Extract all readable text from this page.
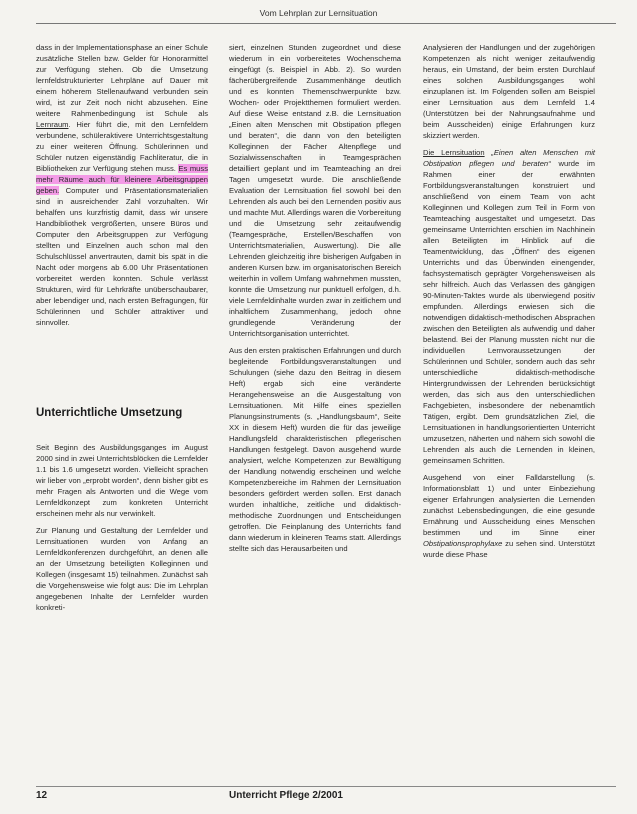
Vom Lehrplan zur Lernsituation

dass in der Implementationsphase an einer Schule zusätzliche Stellen bzw. Gelder für Honorarmittel zur Verfügung stehen. Ob die Umsetzung lernfeldstrukturierter Lehrpläne auf Dauer mit einem höherem Stellenaufwand verbunden sein wird, ist zur Zeit noch nicht abzusehen. Eine weitere Rahmenbedingung ist Schule als Lernraum. Hier führt die, mit den Lernfeldern verbundene, schüleraktivere Unterrichtsgestaltung zu einer weiteren Öffnung. Schülerinnen und Schüler nutzen eigenständig Fachliteratur, die in Bibliotheken zur Verfügung stehen muss. Es muss mehr Räume auch für kleinere Arbeitsgruppen geben. Computer und Präsentationsmaterialien sind in ausreichender Zahl vorzuhalten. Wir behalfen uns kurzfristig damit, dass wir unsere Handbibliothek vergrößerten, unsere Büros und Computer den Arbeitsgruppen zur Verfügung stellten und Einzelnen auch schon mal den Schulschlüssel anvertrauten, damit bis spät in die Nacht oder morgens ab 6.00 Uhr Präsentationen vorbereitet werden konnten. Schule verlässt Strukturen, wird für Lehrkräfte unüberschaubarer, aber lebendiger und, nach ersten Befragungen, für Schülerinnen und Schüler attraktiver und sinnvoller.

Unterrichtliche Umsetzung

Seit Beginn des Ausbildungsganges im August 2000 sind in zwei Unterrichtsblöcken die Lernfelder 1.1 bis 1.6 umgesetzt worden. Vielleicht sprachen wir lieber von „erprobt worden“, denn bisher gibt es mehr Fragen als Antworten und die Wege vom Lernfeldkonzept zum konkreten Unterricht erscheinen mehr als nur verwinkelt.

Zur Planung und Gestaltung der Lernfelder und Lernsituationen wurden von Anfang an Lernfeldkonferenzen durchgeführt, an denen alle an der Umsetzung beteiligten Kolleginnen und Kollegen (insgesamt 15) teilnahmen. Zunächst sah die Vorgehensweise wie folgt aus: Die im Lehrplan angegebenen Inhalte der Lernfelder wurden konkreti-

siert, einzelnen Stunden zugeordnet und diese wiederum in ein vorbereitetes Wochenschema eingefügt (s. Beispiel in Abb. 2). So wurden fächerübergreifende Zusammenhänge deutlich und es konnten Themenschwerpunkte bzw. Wochen- oder Projektthemen formuliert werden. Auf diese Weise entstand z.B. die Lernsituation „Einen alten Menschen mit Obstipation pflegen und beraten“, die dann von den beteiligten Kolleginnen der Fächer Altenpflege und Sozialwissenschaften in Teamgesprächen detailliert geplant und im Teamteaching an drei Tagen umgesetzt wurde. Die anschließende Evaluation der Lernsituation fiel sowohl bei den Lehrenden als auch bei den Lernenden positiv aus und machte Mut. Allerdings waren die Vorbereitung und die Umsetzung sehr zeitaufwendig (Teamgespräche, Erstellen/Beschaffen von Unterrichtsmaterialien, Auswertung). Die alle Lehrenden gleichzeitig ihre bisherigen Aufgaben in anderen Kursen bzw. im organisatorischen Bereich weiterhin in vollem Umfang wahrnehmen mussten, konnte die Umsetzung nur punktuell erfolgen, d.h. viele Lernfeldinhalte wurden zwar in zeitlichem und inhaltlichem Zusammenhang, jedoch ohne grundlegende Veränderung der Unterrichtsorganisation unterrichtet.

Aus den ersten praktischen Erfahrungen und durch begleitende Fortbildungsveranstaltungen und Schulungen (siehe dazu den Beitrag in diesem Heft) ergab sich eine veränderte Herangehensweise an die Ausgestaltung von Lernsituationen. Mit Hilfe eines speziellen Planungsinstruments (s. „Handlungsbaum“, Seite XX in diesem Heft) wurden die für das jeweilige Handlungsfeld charakteristischen pflegerischen Handlungen festgelegt. Davon ausgehend wurde analysiert, welche Kompetenzen zur Bewältigung der Handlung notwendig erscheinen und welche Kompetenzbereiche im Rahmen der Lernsituation besonders gefördert werden sollen. Erst danach wurden inhaltliche, zeitliche und didaktisch-methodische Zuordnungen und Entscheidungen getroffen. Die Feinplanung des Unterrichts fand dann wiederum in kleineren Teams statt. Allerdings stellte sich das Herausarbeiten und

Analysieren der Handlungen und der zugehörigen Kompetenzen als nicht weniger zeitaufwendig heraus, ein Umstand, der beim ersten Durchlauf eines solchen Ausbildungsganges wohl einzuplanen ist. Im Folgenden sollen am Beispiel einer Lernsituation aus dem Lernfeld 1.4 (Unterstützen bei der Nahrungsaufnahme und beim Ausscheiden) einige Erfahrungen kurz skizziert werden.

Die Lernsituation „Einen alten Menschen mit Obstipation pflegen und beraten“ wurde im Rahmen einer der erwähnten Fortbildungsveranstaltungen konstruiert und anschließend von einem Team von acht Kolleginnen und Kollegen zum Teil in Form von Teamteaching ausgestaltet und umgesetzt. Das gemeinsame Unterrichten erschien im Nachhinein allen Beteiligten im Hinblick auf die Teamentwicklung, das „Öffnen“ des eigenen Unterrichts und das Überwinden einengender, fachsystematisch geprägter Vorgehensweisen als sehr hilfreich. Auch das Verlassen des gängigen 90-Minuten-Taktes wurde als überwiegend positiv empfunden. Allerdings erwiesen sich die notwendigen didaktisch-methodischen Absprachen zwischen den Beteiligten als aufwendig und daher belastend. Bei der Planung mussten nicht nur die individuellen Lernvoraussetzungen der Schülerinnen und Schüler, sondern auch das sehr unterschiedliche didaktisch-methodische Hintergrundwissen der Lehrenden berücksichtigt werden, das sich aus den unterschiedlichen Fachgebieten, insbesondere der nebenamtlich Tätigen, ergibt. Dem grundsätzlichen Ziel, die Lernsituationen in handlungsorientierten Unterricht umzusetzen, näherten und nähern sich sowohl die Lehrenden als auch die Lernenden in kleinen, gemeinsamen Schritten.

Ausgehend von einer Falldarstellung (s. Informationsblatt 1) und unter Einbeziehung eigener Erfahrungen analysierten die Lernenden zunächst Lebensbedingungen, die eine gesunde Ernährung und Ausscheidung eines Menschen bestimmen und im Sinne einer Obstipationsprophylaxe zu sehen sind. Unterstützt wurde diese Phase

12	Unterricht Pflege 2/2001
